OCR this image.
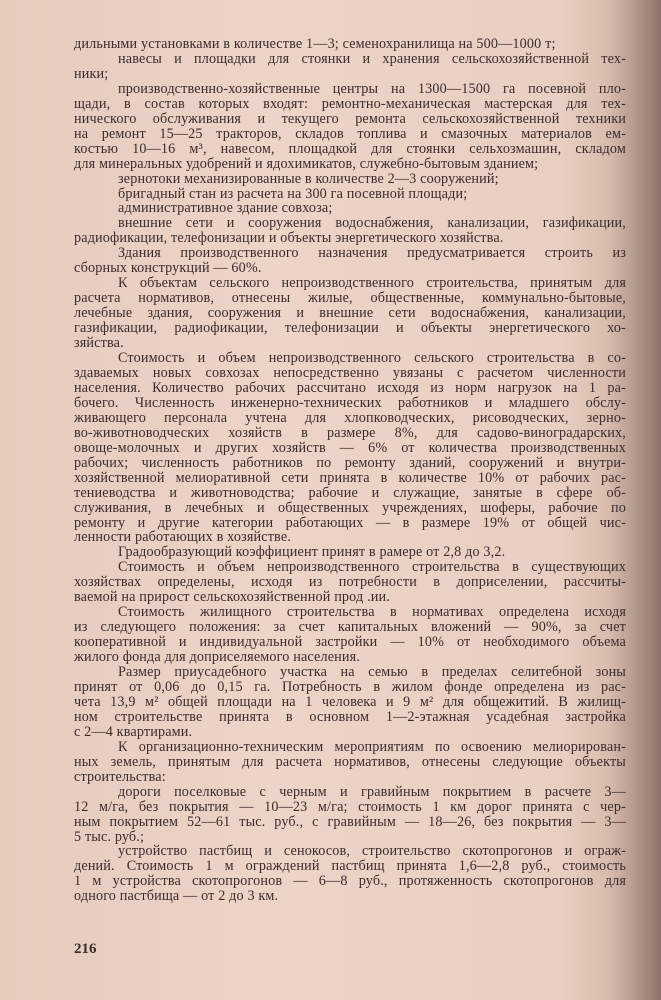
дильными установками в количестве 1—3; семенохранилища на 500—1000 т;
навесы и площадки для стоянки и хранения сельскохозяйственной тех-
ники;
производственно-хозяйственные центры на 1300—1500 га посевной пло-
щади, в состав которых входят: ремонтно-механическая мастерская для тех-
нического обслуживания и текущего ремонта сельскохозяйственной техники
на ремонт 15—25 тракторов, складов топлива и смазочных материалов ем-
костью 10—16 м³, навесом, площадкой для стоянки сельхозмашин, складом
для минеральных удобрений и ядохимикатов, служебно-бытовым зданием;
зернотоки механизированные в количестве 2—3 сооружений;
бригадный стан из расчета на 300 га посевной площади;
административное здание совхоза;
внешние сети и сооружения водоснабжения, канализации, газификации,
радиофикации, телефонизации и объекты энергетического хозяйства.
Здания производственного назначения предусматривается строить из
сборных конструкций — 60%.
К объектам сельского непроизводственного строительства, принятым для
расчета нормативов, отнесены жилые, общественные, коммунально-бытовые,
лечебные здания, сооружения и внешние сети водоснабжения, канализации,
газификации, радиофикации, телефонизации и объекты энергетического хо-
зяйства.
Стоимость и объем непроизводственного сельского строительства в со-
здаваемых новых совхозах непосредственно увязаны с расчетом численности
населения. Количество рабочих рассчитано исходя из норм нагрузок на 1 ра-
бочего. Численность инженерно-технических работников и младшего обслу-
живающего персонала учтена для хлопководческих, рисоводческих, зерно-
во-животноводческих хозяйств в размере 8%, для садово-виноградарских,
овоще-молочных и других хозяйств — 6% от количества производственных
рабочих; численность работников по ремонту зданий, сооружений и внутри-
хозяйственной мелиоративной сети принята в количестве 10% от рабочих рас-
тениеводства и животноводства; рабочие и служащие, занятые в сфере об-
служивания, в лечебных и общественных учреждениях, шоферы, рабочие по
ремонту и другие категории работающих — в размере 19% от общей чис-
ленности работающих в хозяйстве.
Градообразующий коэффициент принят в рамере от 2,8 до 3,2.
Стоимость и объем непроизводственного строительства в существующих
хозяйствах определены, исходя из потребности в доприселении, рассчиты-
ваемой на прирост сельскохозяйственной прод .ии.
Стоимость жилищного строительства в нормативах определена исходя
из следующего положения: за счет капитальных вложений — 90%, за счет
кооперативной и индивидуальной застройки — 10% от необходимого объема
жилого фонда для доприселяемого населения.
Размер приусадебного участка на семью в пределах селитебной зоны
принят от 0,06 до 0,15 га. Потребность в жилом фонде определена из рас-
чета 13,9 м² общей площади на 1 человека и 9 м² для общежитий. В жилищ-
ном строительстве принята в основном 1—2-этажная усадебная застройка
с 2—4 квартирами.
К организационно-техническим мероприятиям по освоению мелиорирован-
ных земель, принятым для расчета нормативов, отнесены следующие объекты
строительства:
дороги поселковые с черным и гравийным покрытием в расчете 3—
12 м/га, без покрытия — 10—23 м/га; стоимость 1 км дорог принята с чер-
ным покрытием 52—61 тыс. руб., с гравийным — 18—26, без покрытия — 3—
5 тыс. руб.;
устройство пастбищ и сенокосов, строительство скотопрогонов и ограж-
дений. Стоимость 1 м ограждений пастбищ принята 1,6—2,8 руб., стоимость
1 м устройства скотопрогонов — 6—8 руб., протяженность скотопрогонов для
одного пастбища — от 2 до 3 км.
216
